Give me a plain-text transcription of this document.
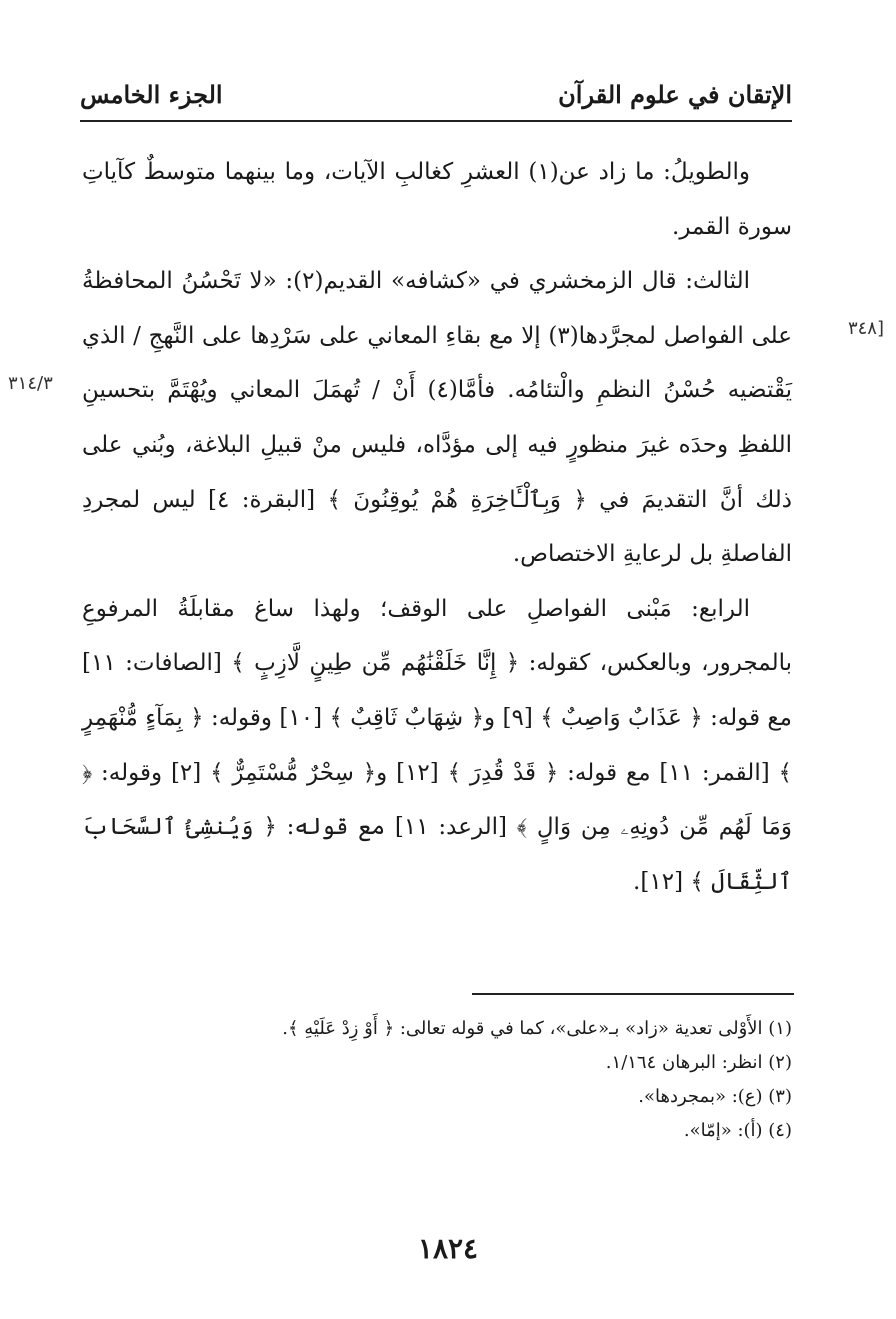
الإتقان في علوم القرآن
الجزء الخامس
[٣٤٨
٣١٤/٣

والطويلُ: ما زاد عن(١) العشرِ كغالبِ الآيات، وما بينهما متوسطٌ كآياتِ سورة القمر.

الثالث: قال الزمخشري في «كشافه» القديم(٢): «لا تَحْسُنُ المحافظةُ على الفواصل لمجرَّدها(٣) إلا مع بقاءِ المعاني على سَرْدِها على النَّهجِ / الذي يَقْتضيه حُسْنُ النظمِ والْتئامُه. فأمَّا(٤) أَنْ / تُهمَلَ المعاني ويُهْتَمَّ بتحسينِ اللفظِ وحدَه غيرَ منظورٍ فيه إلى مؤدَّاه، فليس منْ قبيلِ البلاغة، وبُني على ذلك أنَّ التقديمَ في ﴿ وَبِٱلْـَٔاخِرَةِ هُمْ يُوقِنُونَ ﴾ [البقرة: ٤] ليس لمجردِ الفاصلةِ بل لرعايةِ الاختصاص.

الرابع: مَبْنى الفواصلِ على الوقف؛ ولهذا ساغ مقابلَةُ المرفوعِ بالمجرور، وبالعكس، كقوله: ﴿ إِنَّا خَلَقْنَٰهُم مِّن طِينٍ لَّازِبٍ ﴾ [الصافات: ١١] مع قوله: ﴿ عَذَابٌ وَاصِبٌ ﴾ [٩] و﴿ شِهَابٌ ثَاقِبٌ ﴾ [١٠] وقوله: ﴿ بِمَآءٍ مُّنْهَمِرٍ ﴾ [القمر: ١١] مع قوله: ﴿ قَدْ قُدِرَ ﴾ [١٢] و﴿ سِحْرٌ مُّسْتَمِرٌّ ﴾ [٢] وقوله: ﴿ وَمَا لَهُم مِّن دُونِهِۦ مِن وَالٍ ﴾ [الرعد: ١١] مع قوله: ﴿ وَيُنشِئُ ٱلسَّحَابَ ٱلثِّقَالَ ﴾ [١٢].

(١) الأَوْلى تعدية «زاد» بـ«على»، كما في قوله تعالى: ﴿ أَوْ زِدْ عَلَيْهِ ﴾.
(٢) انظر: البرهان ١/١٦٤.
(٣) (ع): «بمجردها».
(٤) (أ): «إمّا».
١٨٢٤
